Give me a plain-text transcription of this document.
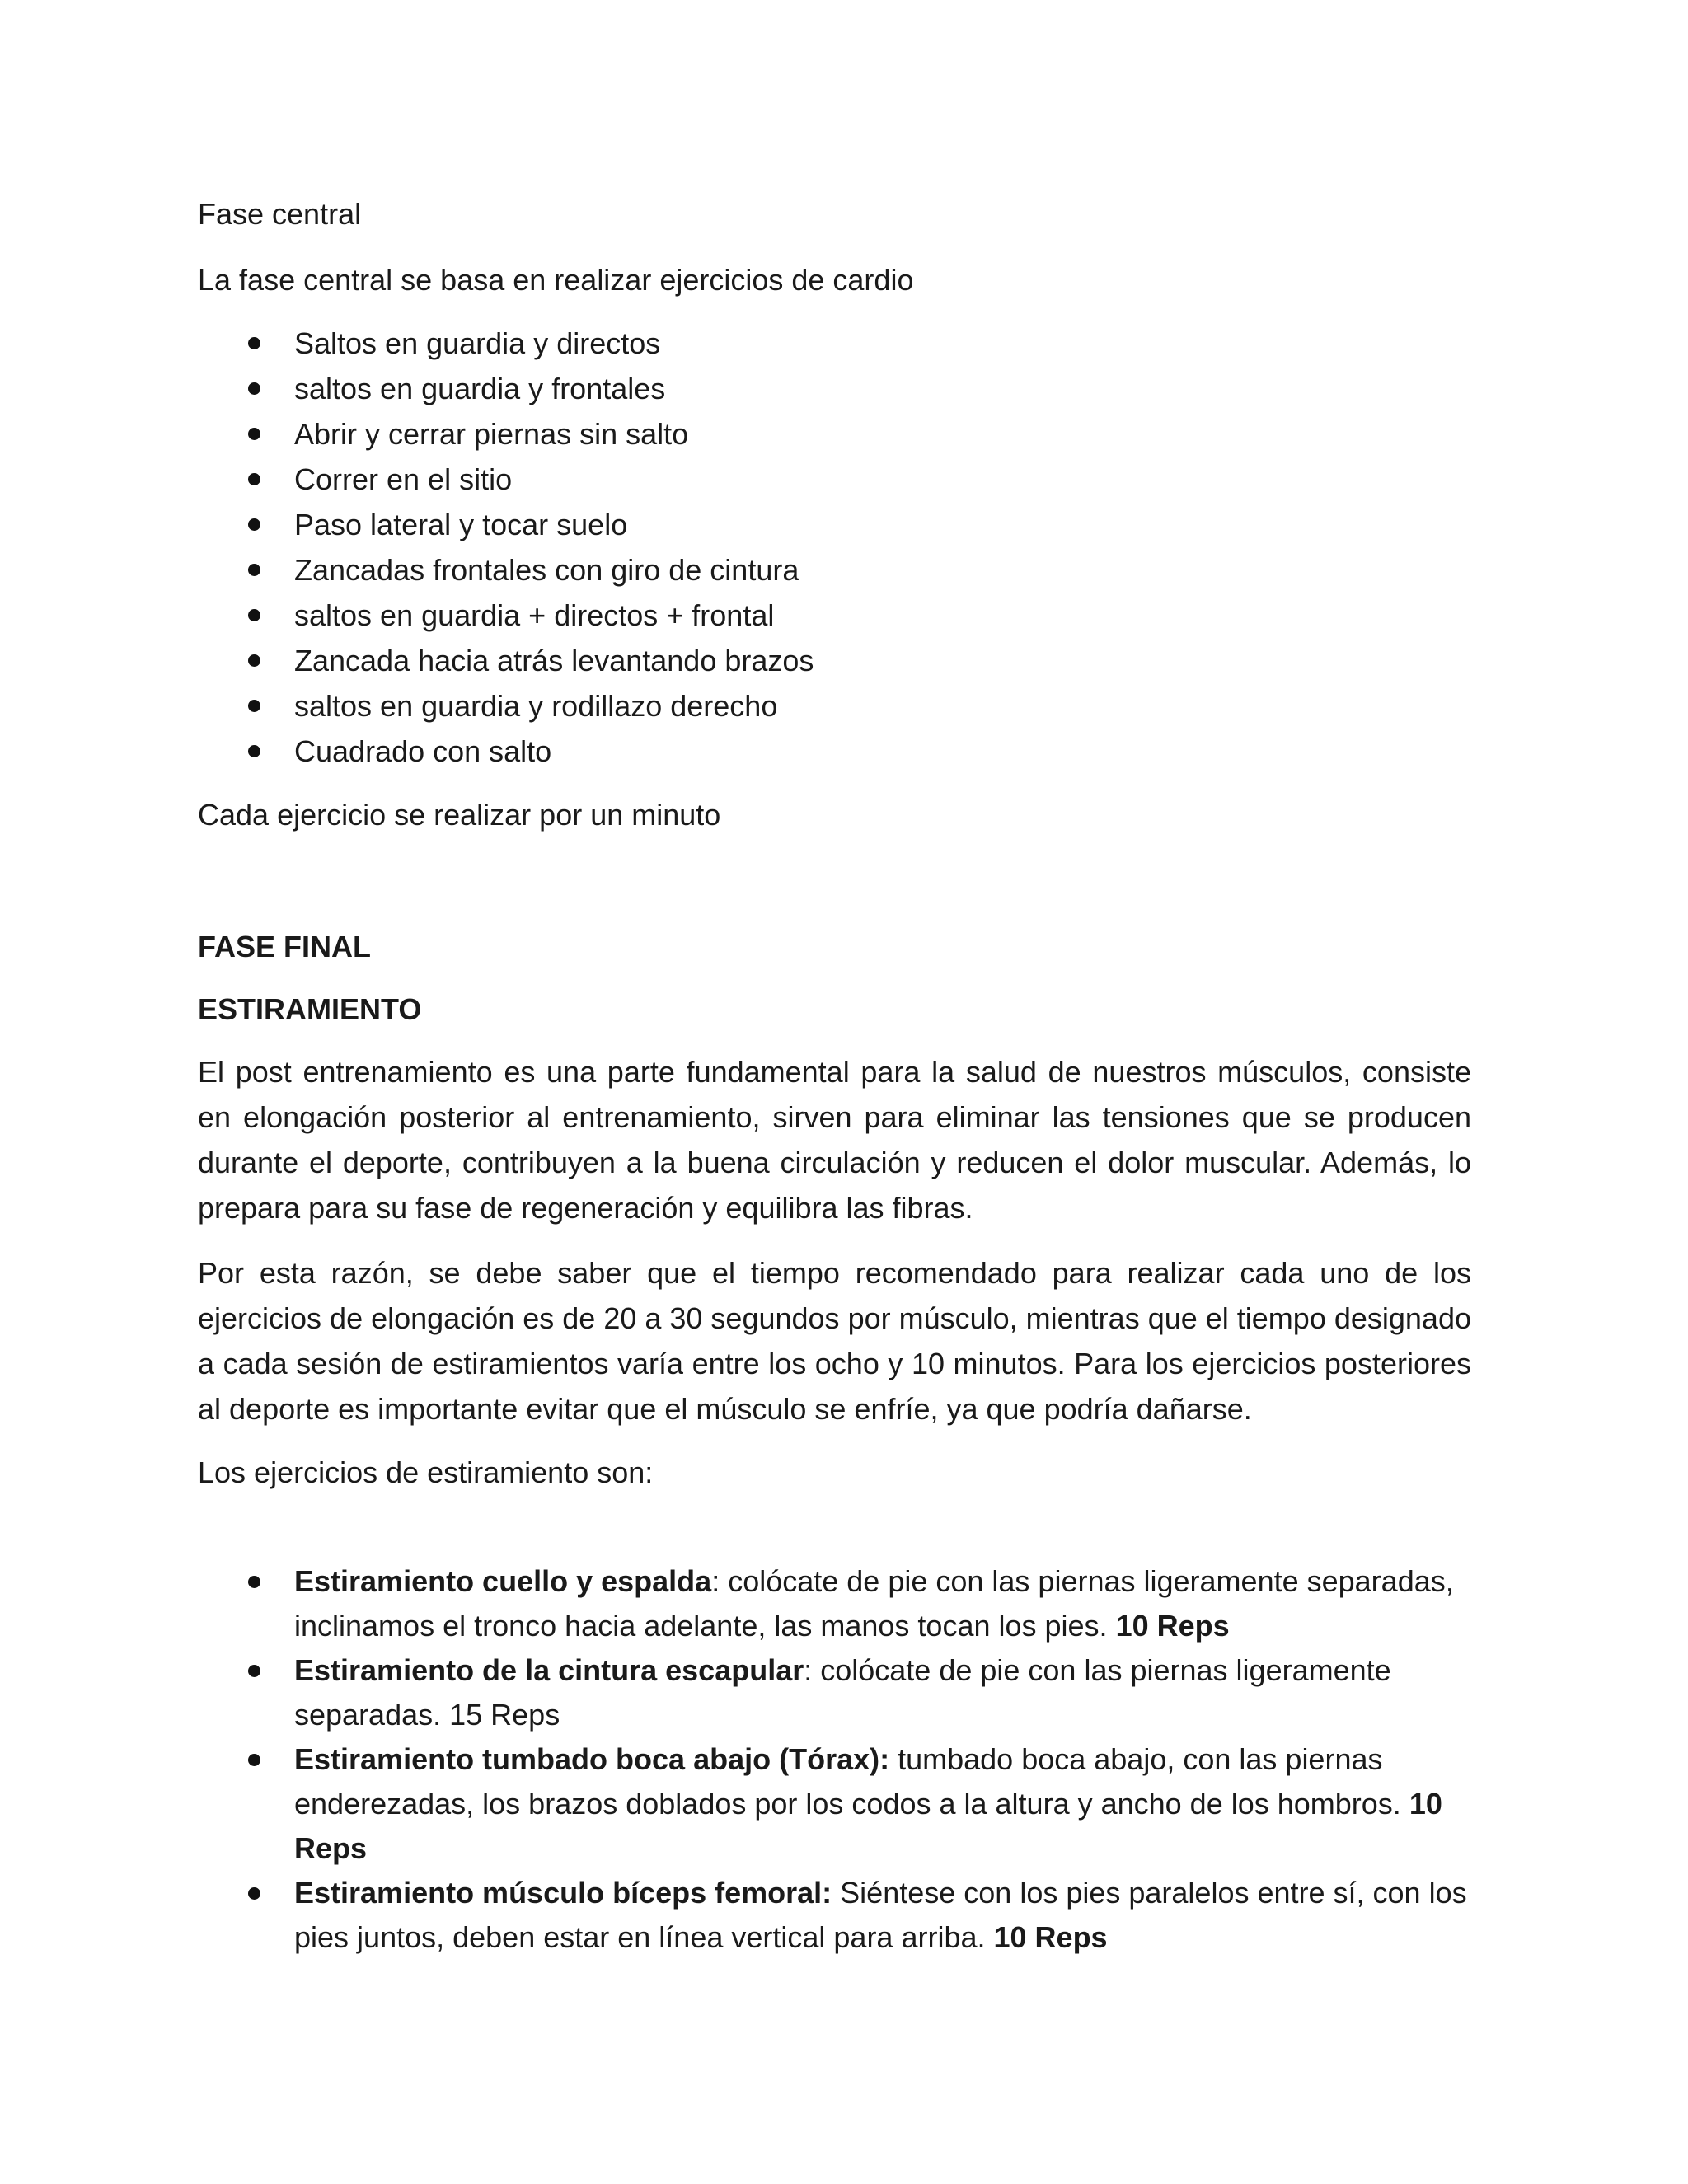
Fase central

La fase central se basa en realizar ejercicios de cardio

Saltos en guardia y directos
saltos en guardia y frontales
Abrir y cerrar piernas sin salto
Correr en el sitio
Paso lateral y tocar suelo
Zancadas frontales con giro de cintura
saltos en guardia + directos + frontal
Zancada hacia atrás levantando brazos
saltos en guardia y rodillazo derecho
Cuadrado con salto

Cada ejercicio se realizar por un minuto

FASE FINAL

ESTIRAMIENTO

El post entrenamiento es una parte fundamental para la salud de nuestros músculos, consiste en elongación posterior al entrenamiento, sirven para eliminar las tensiones que se producen durante el deporte, contribuyen a la buena circulación y reducen el dolor muscular. Además, lo prepara para su fase de regeneración y equilibra las fibras.

Por esta razón, se debe saber que el tiempo recomendado para realizar cada uno de los ejercicios de elongación es de 20 a 30 segundos por músculo, mientras que el tiempo designado a cada sesión de estiramientos varía entre los ocho y 10 minutos. Para los ejercicios posteriores al deporte es importante evitar que el músculo se enfríe, ya que podría dañarse.

Los ejercicios de estiramiento son:

Estiramiento cuello y espalda: colócate de pie con las piernas ligeramente separadas, inclinamos el tronco hacia adelante, las manos tocan los pies. 10 Reps
Estiramiento de la cintura escapular: colócate de pie con las piernas ligeramente separadas. 15 Reps
Estiramiento tumbado boca abajo (Tórax): tumbado boca abajo, con las piernas enderezadas, los brazos doblados por los codos a la altura y ancho de los hombros. 10 Reps
Estiramiento músculo bíceps femoral: Siéntese con los pies paralelos entre sí, con los pies juntos, deben estar en línea vertical para arriba. 10 Reps
